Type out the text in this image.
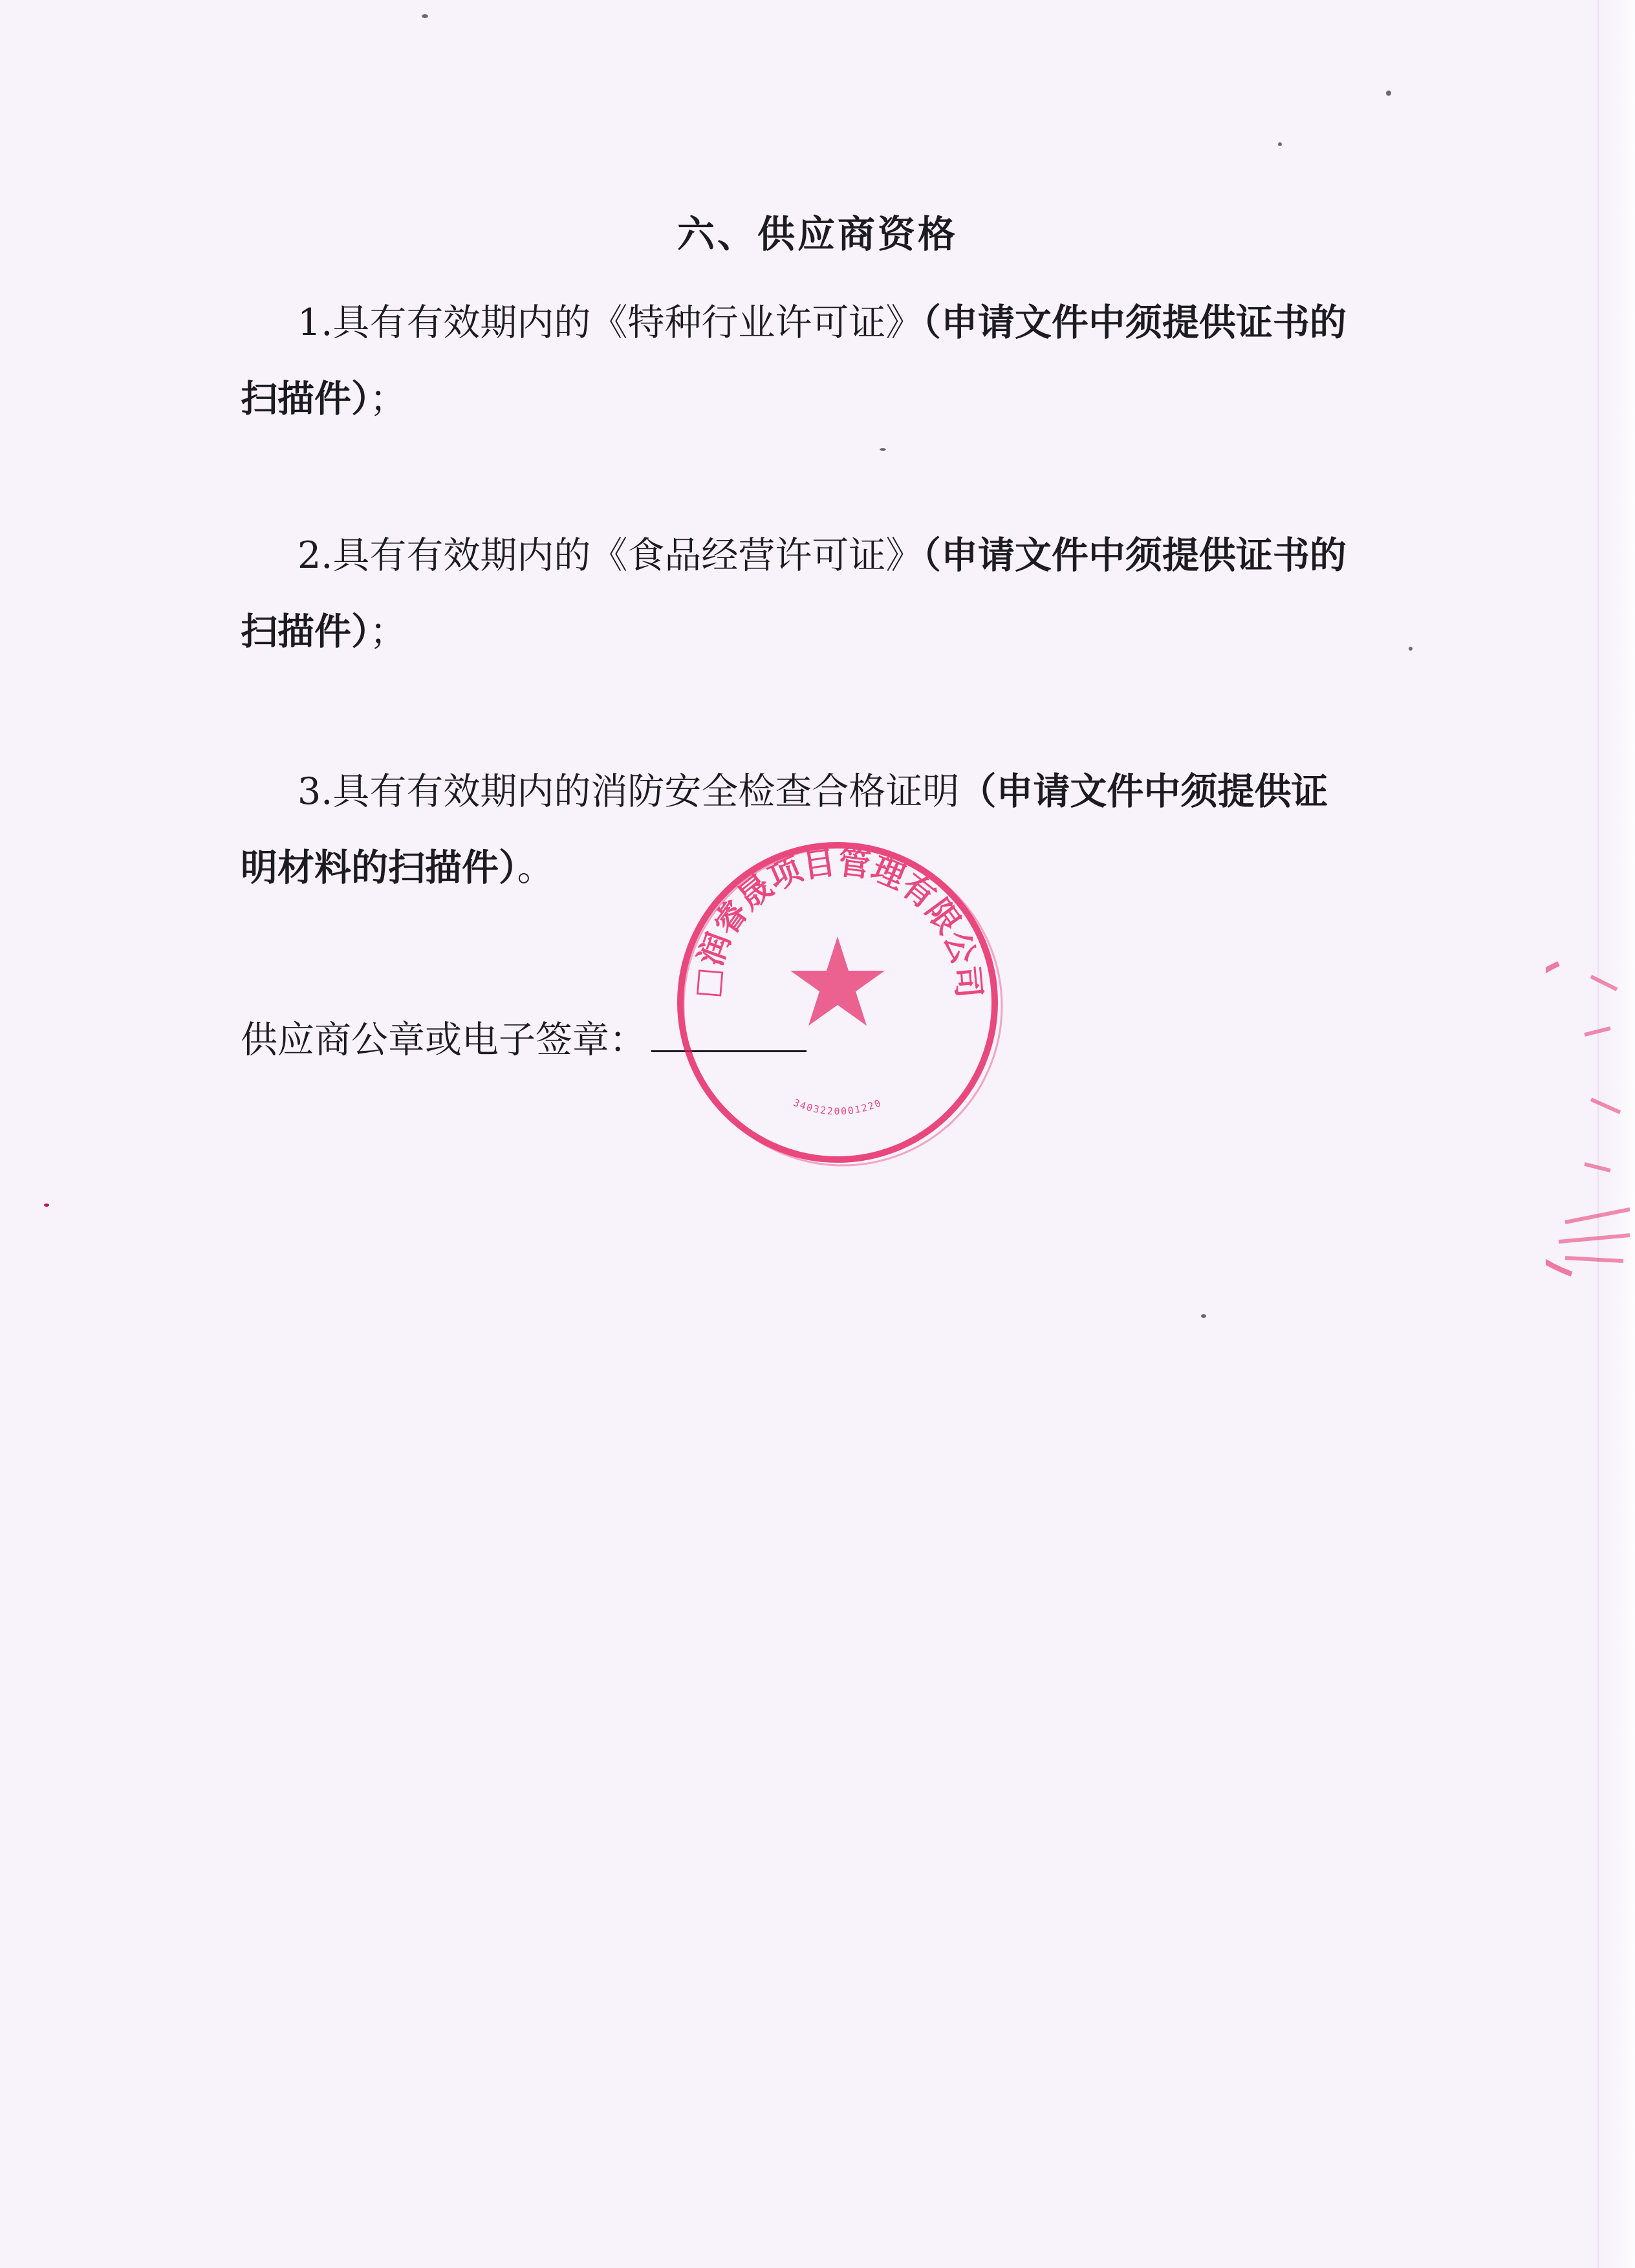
六、供应商资格

1.具有有效期内的《特种行业许可证》（申请文件中须提供证书的扫描件）；

2.具有有效期内的《食品经营许可证》（申请文件中须提供证书的扫描件）；

3.具有有效期内的消防安全检查合格证明（申请文件中须提供证明材料的扫描件）。

供应商公章或电子签章：
□润睿晟项目管理有限公司
3403220001220
